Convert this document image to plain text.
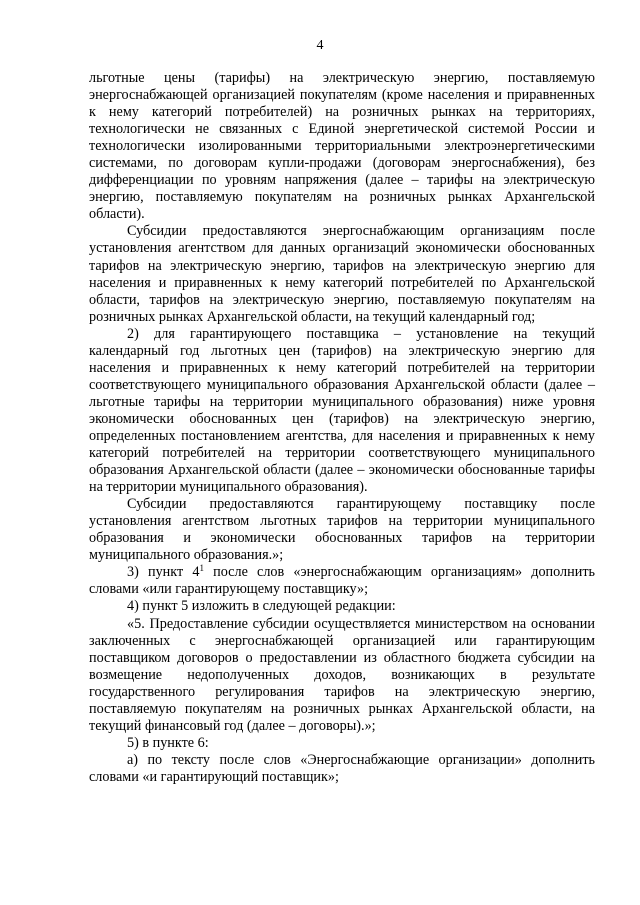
4

льготные цены (тарифы) на электрическую энергию, поставляемую энергоснабжающей организацией покупателям (кроме населения и приравненных к нему категорий потребителей) на розничных рынках на территориях, технологически не связанных с Единой энергетической системой России и технологически изолированными территориальными электроэнергетическими системами, по договорам купли-продажи (договорам энергоснабжения), без дифференциации по уровням напряжения (далее – тарифы на электрическую энергию, поставляемую покупателям на розничных рынках Архангельской области).

Субсидии предоставляются энергоснабжающим организациям после установления агентством для данных организаций экономически обоснованных тарифов на электрическую энергию, тарифов на электрическую энергию для населения и приравненных к нему категорий потребителей по Архангельской области, тарифов на электрическую энергию, поставляемую покупателям на розничных рынках Архангельской области, на текущий календарный год;

2) для гарантирующего поставщика – установление на текущий календарный год льготных цен (тарифов) на электрическую энергию для населения и приравненных к нему категорий потребителей на территории соответствующего муниципального образования Архангельской области (далее – льготные тарифы на территории муниципального образования) ниже уровня экономически обоснованных цен (тарифов) на электрическую энергию, определенных постановлением агентства, для населения и приравненных к нему категорий потребителей на территории соответствующего муниципального образования Архангельской области (далее – экономически обоснованные тарифы на территории муниципального образования).

Субсидии предоставляются гарантирующему поставщику после установления агентством льготных тарифов на территории муниципального образования и экономически обоснованных тарифов на территории муниципального образования.»;

3) пункт $4^1$ после слов «энергоснабжающим организациям» дополнить словами «или гарантирующему поставщику»;

4) пункт 5 изложить в следующей редакции:

«5. Предоставление субсидии осуществляется министерством на основании заключенных с энергоснабжающей организацией или гарантирующим поставщиком договоров о предоставлении из областного бюджета субсидии на возмещение недополученных доходов, возникающих в результате государственного регулирования тарифов на электрическую энергию, поставляемую покупателям на розничных рынках Архангельской области, на текущий финансовый год (далее – договоры).»;

5) в пункте 6:

а) по тексту после слов «Энергоснабжающие организации» дополнить словами «и гарантирующий поставщик»;
